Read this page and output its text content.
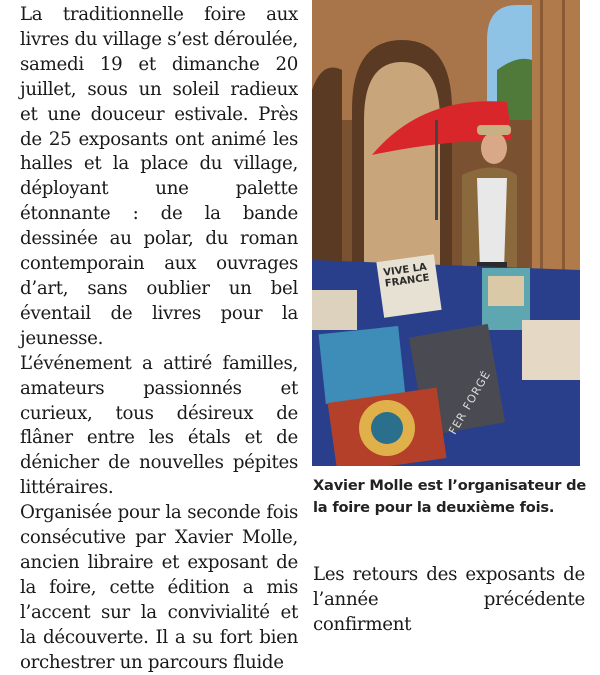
La traditionnelle foire aux livres du village s’est déroulée, samedi 19 et dimanche 20 juillet, sous un soleil radieux et une douceur estivale. Près de 25 exposants ont animé les halles et la place du village, déployant une palette étonnante : de la bande dessinée au polar, du roman contemporain aux ouvrages d’art, sans oublier un bel éventail de livres pour la jeunesse.

L’événement a attiré familles, amateurs passionnés et curieux, tous désireux de flâner entre les étals et de dénicher de nouvelles pépites littéraires.

Organisée pour la seconde fois consécutive par Xavier Molle, ancien libraire et exposant de la foire, cette édition a mis l’accent sur la convivialité et la découverte. Il a su fort bien orchestrer un parcours fluide

VIVE LA FRANCE
FER FORGÉ
Xavier Molle est l’organisateur de la foire pour la deuxième fois.

Les retours des exposants de l’année précédente confirment
